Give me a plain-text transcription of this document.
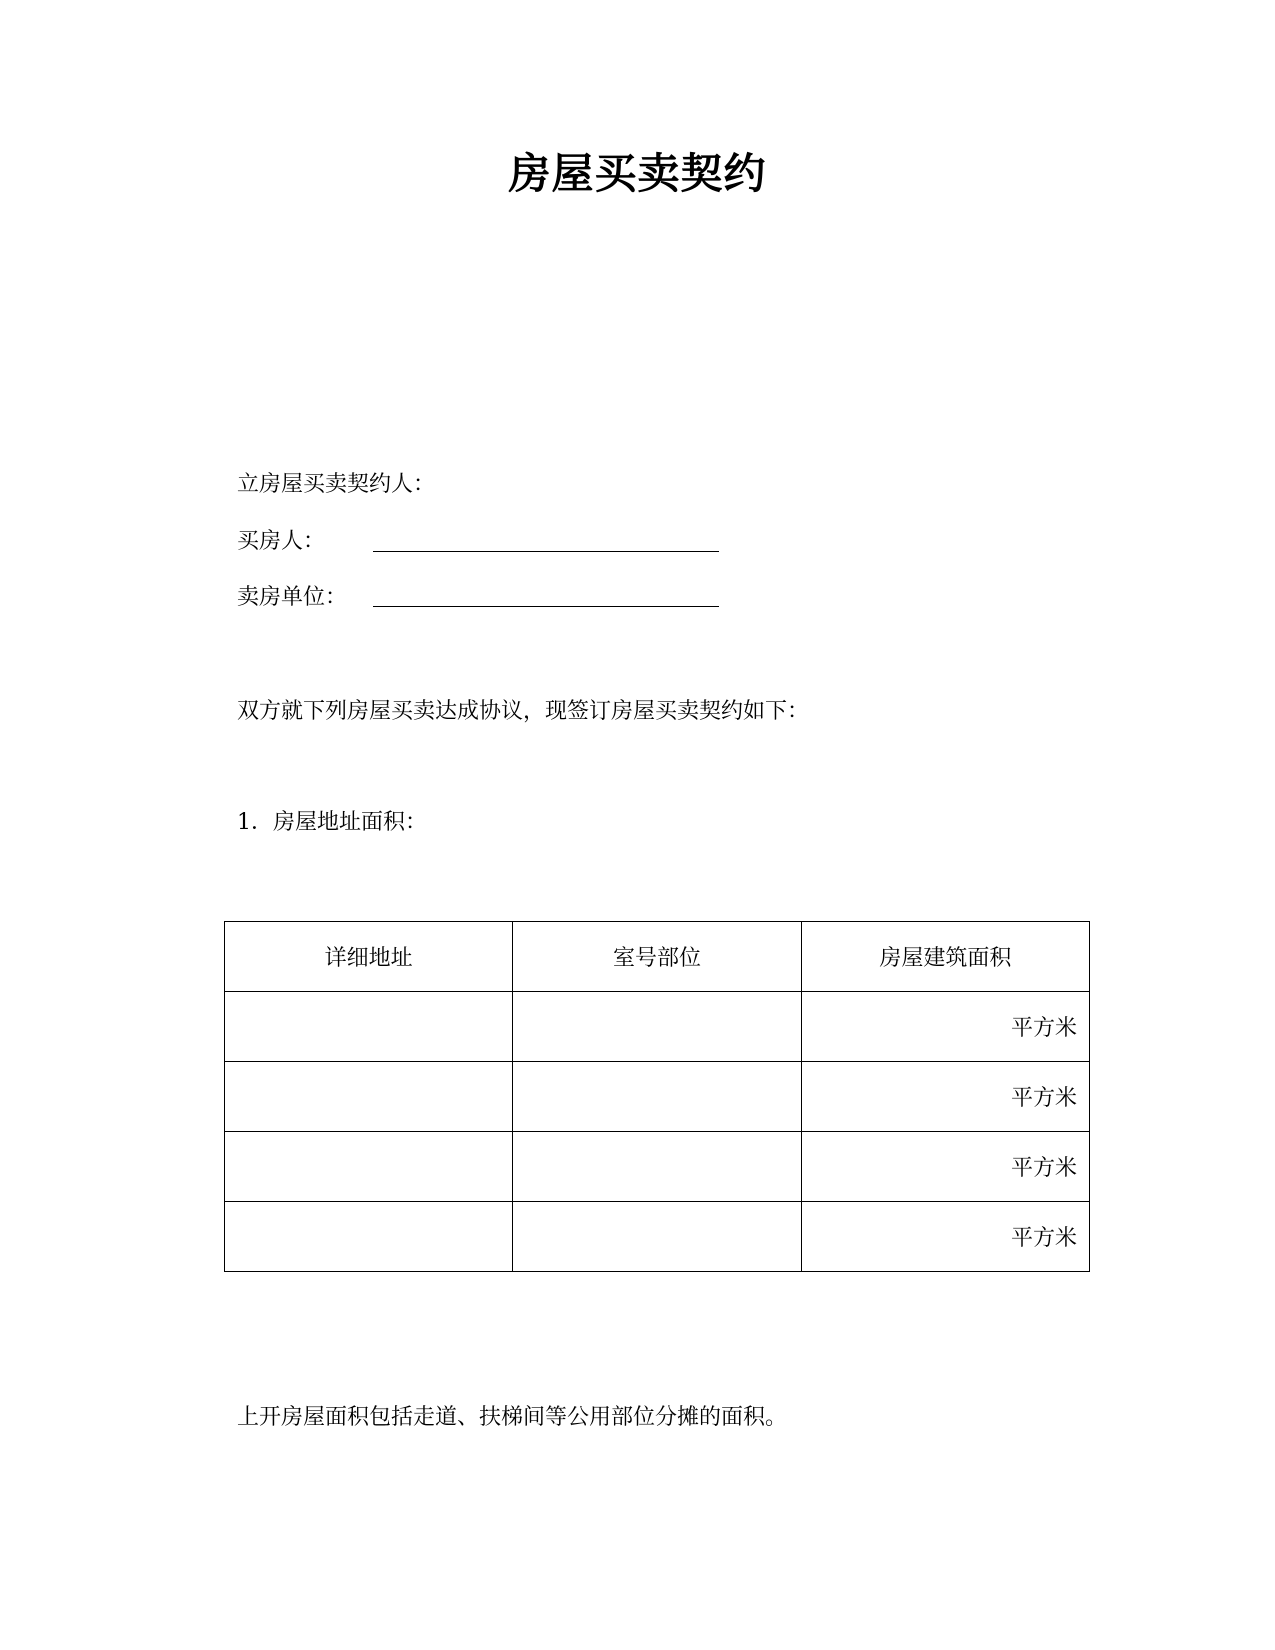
房屋买卖契约
立房屋买卖契约人：
买房人：
卖房单位：
双方就下列房屋买卖达成协议，现签订房屋买卖契约如下：
1．房屋地址面积：
详细地址	室号部位	房屋建筑面积
		平方米
		平方米
		平方米
		平方米
上开房屋面积包括走道、扶梯间等公用部位分摊的面积。
